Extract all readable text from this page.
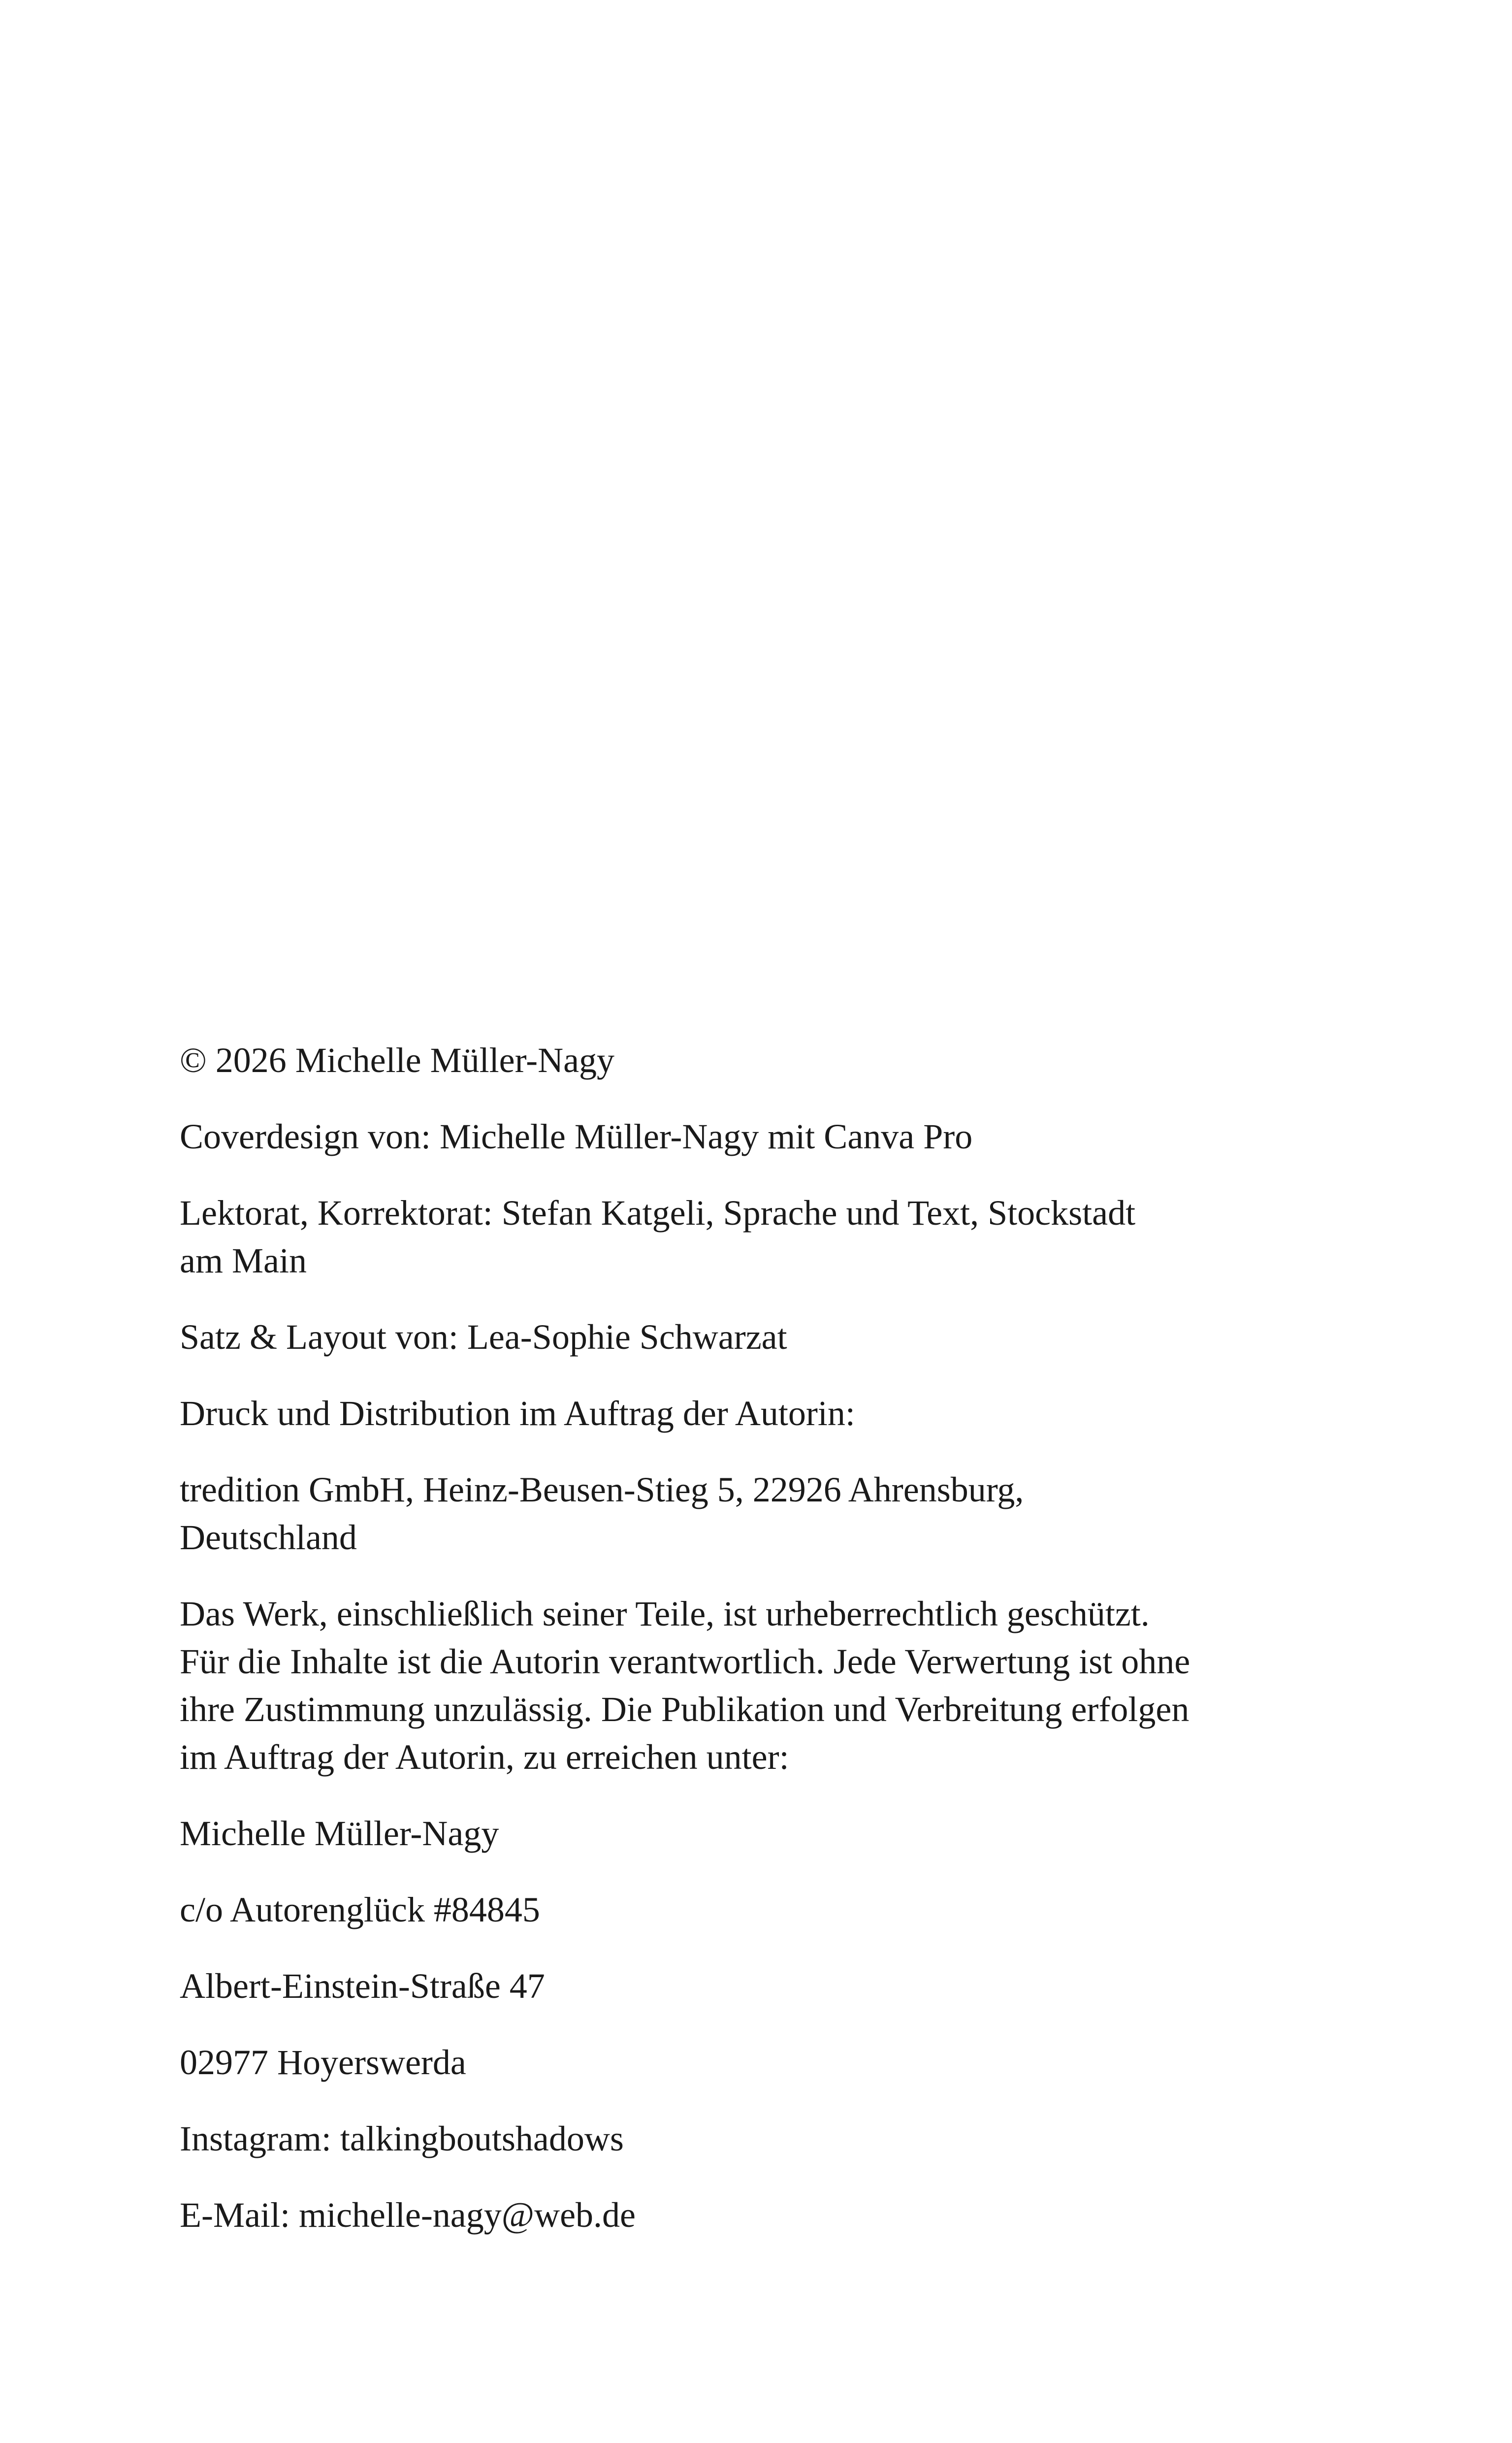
© 2026 Michelle Müller-Nagy

Coverdesign von: Michelle Müller-Nagy mit Canva Pro

Lektorat, Korrektorat: Stefan Katgeli, Sprache und Text, Stockstadt
am Main

Satz & Layout von: Lea-Sophie Schwarzat

Druck und Distribution im Auftrag der Autorin:

tredition GmbH, Heinz-Beusen-Stieg 5, 22926 Ahrensburg,
Deutschland

Das Werk, einschließlich seiner Teile, ist urheberrechtlich geschützt.
Für die Inhalte ist die Autorin verantwortlich. Jede Verwertung ist ohne
ihre Zustimmung unzulässig. Die Publikation und Verbreitung erfolgen
im Auftrag der Autorin, zu erreichen unter:

Michelle Müller-Nagy

c/o Autorenglück #84845

Albert-Einstein-Straße 47

02977 Hoyerswerda

Instagram: talkingboutshadows

E-Mail: michelle-nagy@web.de
